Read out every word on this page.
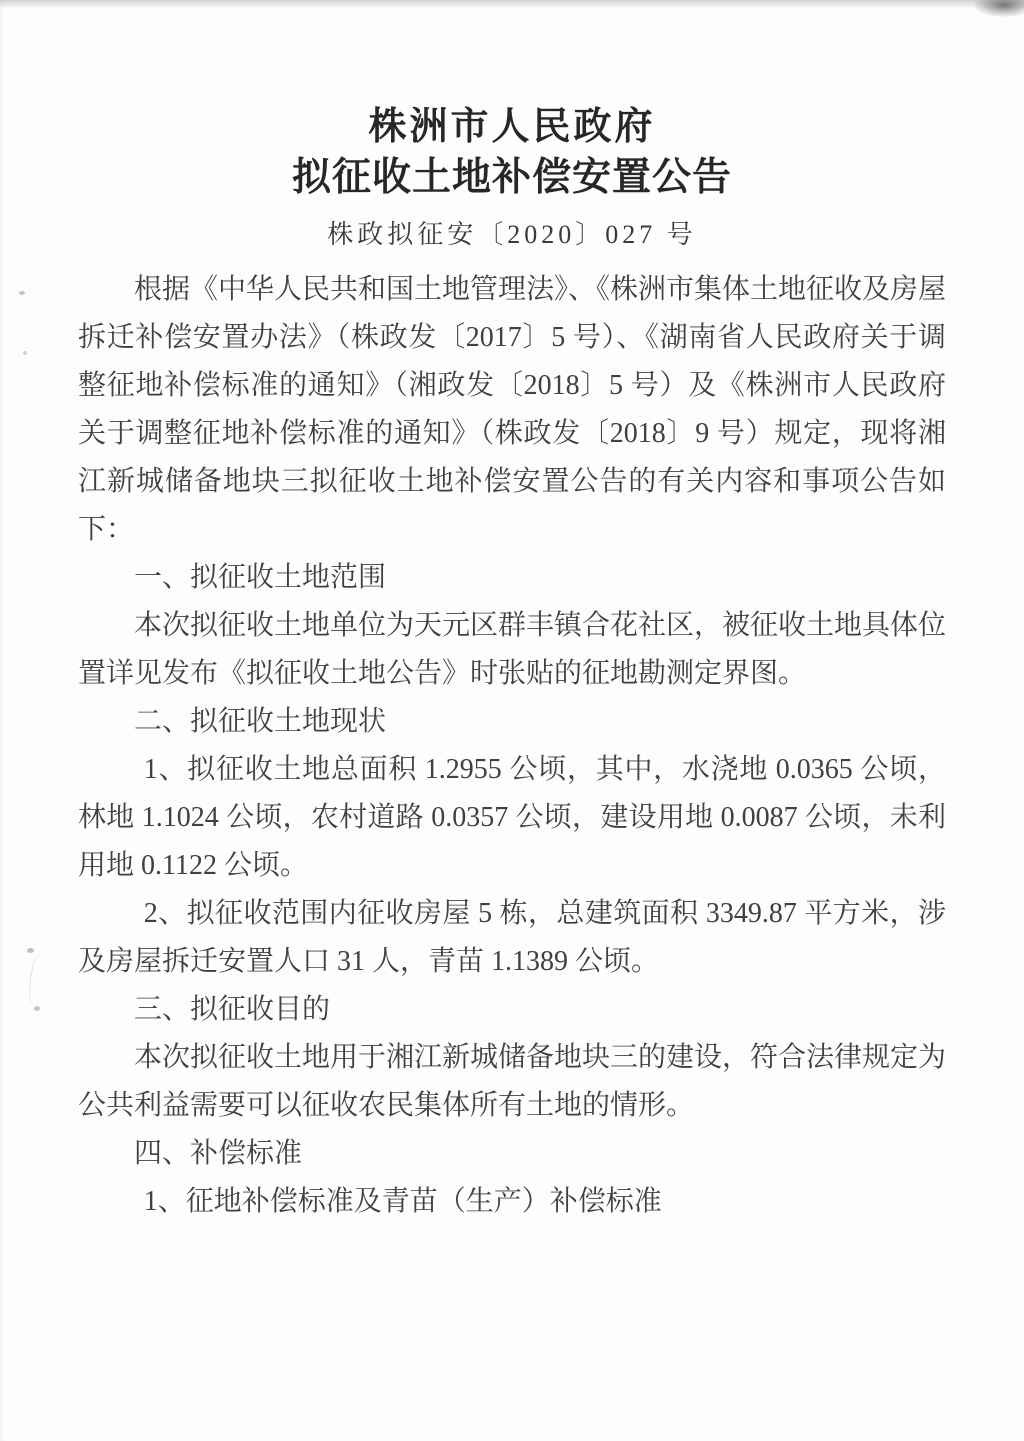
株洲市人民政府
拟征收土地补偿安置公告
株政拟征安〔2020〕027 号

根据《中华人民共和国土地管理法》、《株洲市集体土地征收及房屋拆迁补偿安置办法》（株政发〔2017〕5 号）、《湖南省人民政府关于调整征地补偿标准的通知》（湘政发〔2018〕5 号）及《株洲市人民政府关于调整征地补偿标准的通知》（株政发〔2018〕9 号）规定，现将湘江新城储备地块三拟征收土地补偿安置公告的有关内容和事项公告如下：

一、拟征收土地范围

本次拟征收土地单位为天元区群丰镇合花社区，被征收土地具体位置详见发布《拟征收土地公告》时张贴的征地勘测定界图。

二、拟征收土地现状

1、拟征收土地总面积 1.2955 公顷，其中，水浇地 0.0365 公顷，林地 1.1024 公顷，农村道路 0.0357 公顷，建设用地 0.0087 公顷，未利用地 0.1122 公顷。

2、拟征收范围内征收房屋 5 栋，总建筑面积 3349.87 平方米，涉及房屋拆迁安置人口 31 人，青苗 1.1389 公顷。

三、拟征收目的

本次拟征收土地用于湘江新城储备地块三的建设，符合法律规定为公共利益需要可以征收农民集体所有土地的情形。

四、补偿标准

1、征地补偿标准及青苗（生产）补偿标准
